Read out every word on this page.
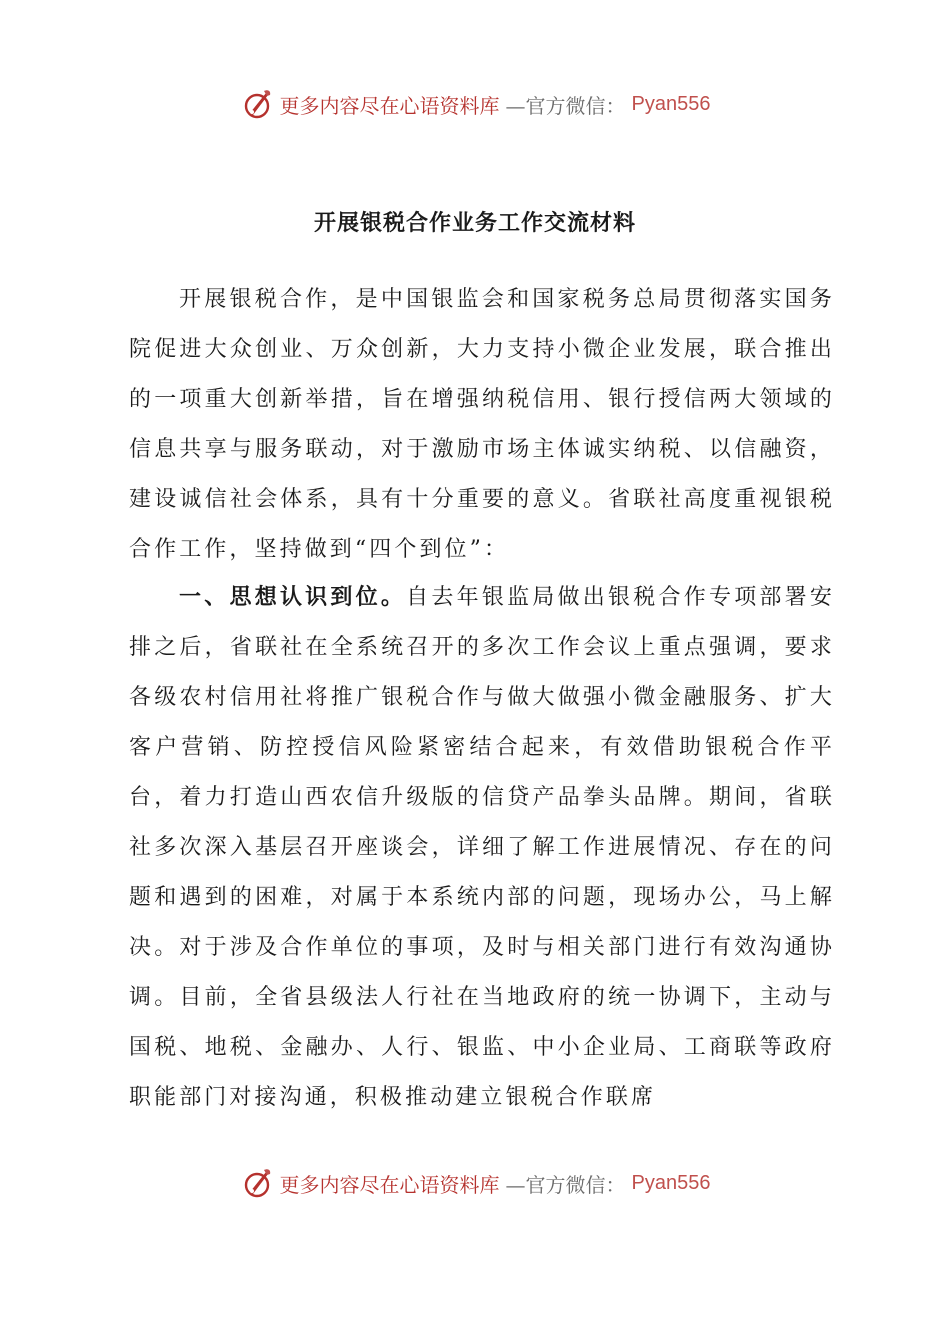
更多内容尽在心语资料库 —官方微信： Pyan556
开展银税合作业务工作交流材料

开展银税合作，是中国银监会和国家税务总局贯彻落实国务院促进大众创业、万众创新，大力支持小微企业发展，联合推出的一项重大创新举措，旨在增强纳税信用、银行授信两大领域的信息共享与服务联动，对于激励市场主体诚实纳税、以信融资，建设诚信社会体系，具有十分重要的意义。省联社高度重视银税合作工作，坚持做到“四个到位”：

一、思想认识到位。自去年银监局做出银税合作专项部署安排之后，省联社在全系统召开的多次工作会议上重点强调，要求各级农村信用社将推广银税合作与做大做强小微金融服务、扩大客户营销、防控授信风险紧密结合起来，有效借助银税合作平台，着力打造山西农信升级版的信贷产品拳头品牌。期间，省联社多次深入基层召开座谈会，详细了解工作进展情况、存在的问题和遇到的困难，对属于本系统内部的问题，现场办公，马上解决。对于涉及合作单位的事项，及时与相关部门进行有效沟通协调。目前，全省县级法人行社在当地政府的统一协调下，主动与国税、地税、金融办、人行、银监、中小企业局、工商联等政府职能部门对接沟通，积极推动建立银税合作联席

更多内容尽在心语资料库 —官方微信： Pyan556
